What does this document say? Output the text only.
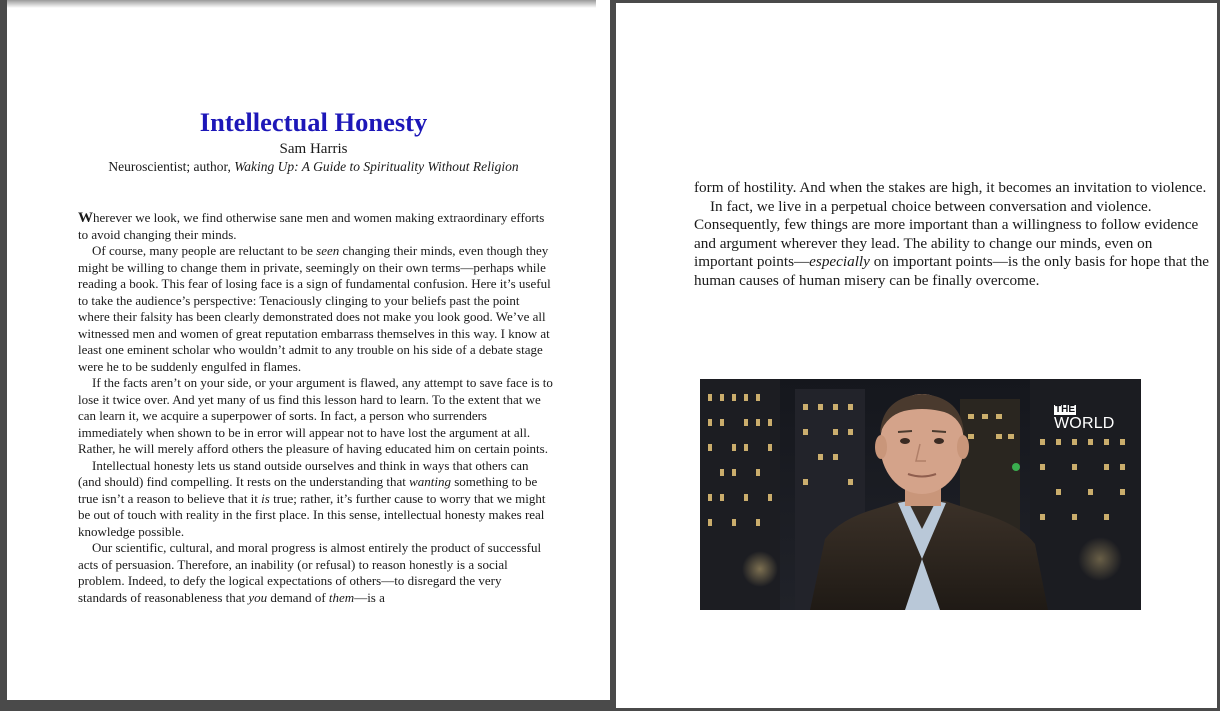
Intellectual Honesty
Sam Harris
Neuroscientist; author, Waking Up: A Guide to Spirituality Without Religion

Wherever we look, we find otherwise sane men and women making extraordinary efforts to avoid changing their minds.

Of course, many people are reluctant to be seen changing their minds, even though they might be willing to change them in private, seemingly on their own terms—perhaps while reading a book. This fear of losing face is a sign of fundamental confusion. Here it’s useful to take the audience’s perspective: Tenaciously clinging to your beliefs past the point where their falsity has been clearly demonstrated does not make you look good. We’ve all witnessed men and women of great reputation embarrass themselves in this way. I know at least one eminent scholar who wouldn’t admit to any trouble on his side of a debate stage were he to be suddenly engulfed in flames.

If the facts aren’t on your side, or your argument is flawed, any attempt to save face is to lose it twice over. And yet many of us find this lesson hard to learn. To the extent that we can learn it, we acquire a superpower of sorts. In fact, a person who surrenders immediately when shown to be in error will appear not to have lost the argument at all. Rather, he will merely afford others the pleasure of having educated him on certain points.

Intellectual honesty lets us stand outside ourselves and think in ways that others can (and should) find compelling. It rests on the understanding that wanting something to be true isn’t a reason to believe that it is true; rather, it’s further cause to worry that we might be out of touch with reality in the first place. In this sense, intellectual honesty makes real knowledge possible.

Our scientific, cultural, and moral progress is almost entirely the product of successful acts of persuasion. Therefore, an inability (or refusal) to reason honestly is a social problem. Indeed, to defy the logical expectations of others—to disregard the very standards of reasonableness that you demand of them—is a

form of hostility. And when the stakes are high, it becomes an invitation to violence.

In fact, we live in a perpetual choice between conversation and violence. Consequently, few things are more important than a willingness to follow evidence and argument wherever they lead. The ability to change our minds, even on important points—especially on important points—is the only basis for hope that the human causes of human misery can be finally overcome.

THE
WORLD
